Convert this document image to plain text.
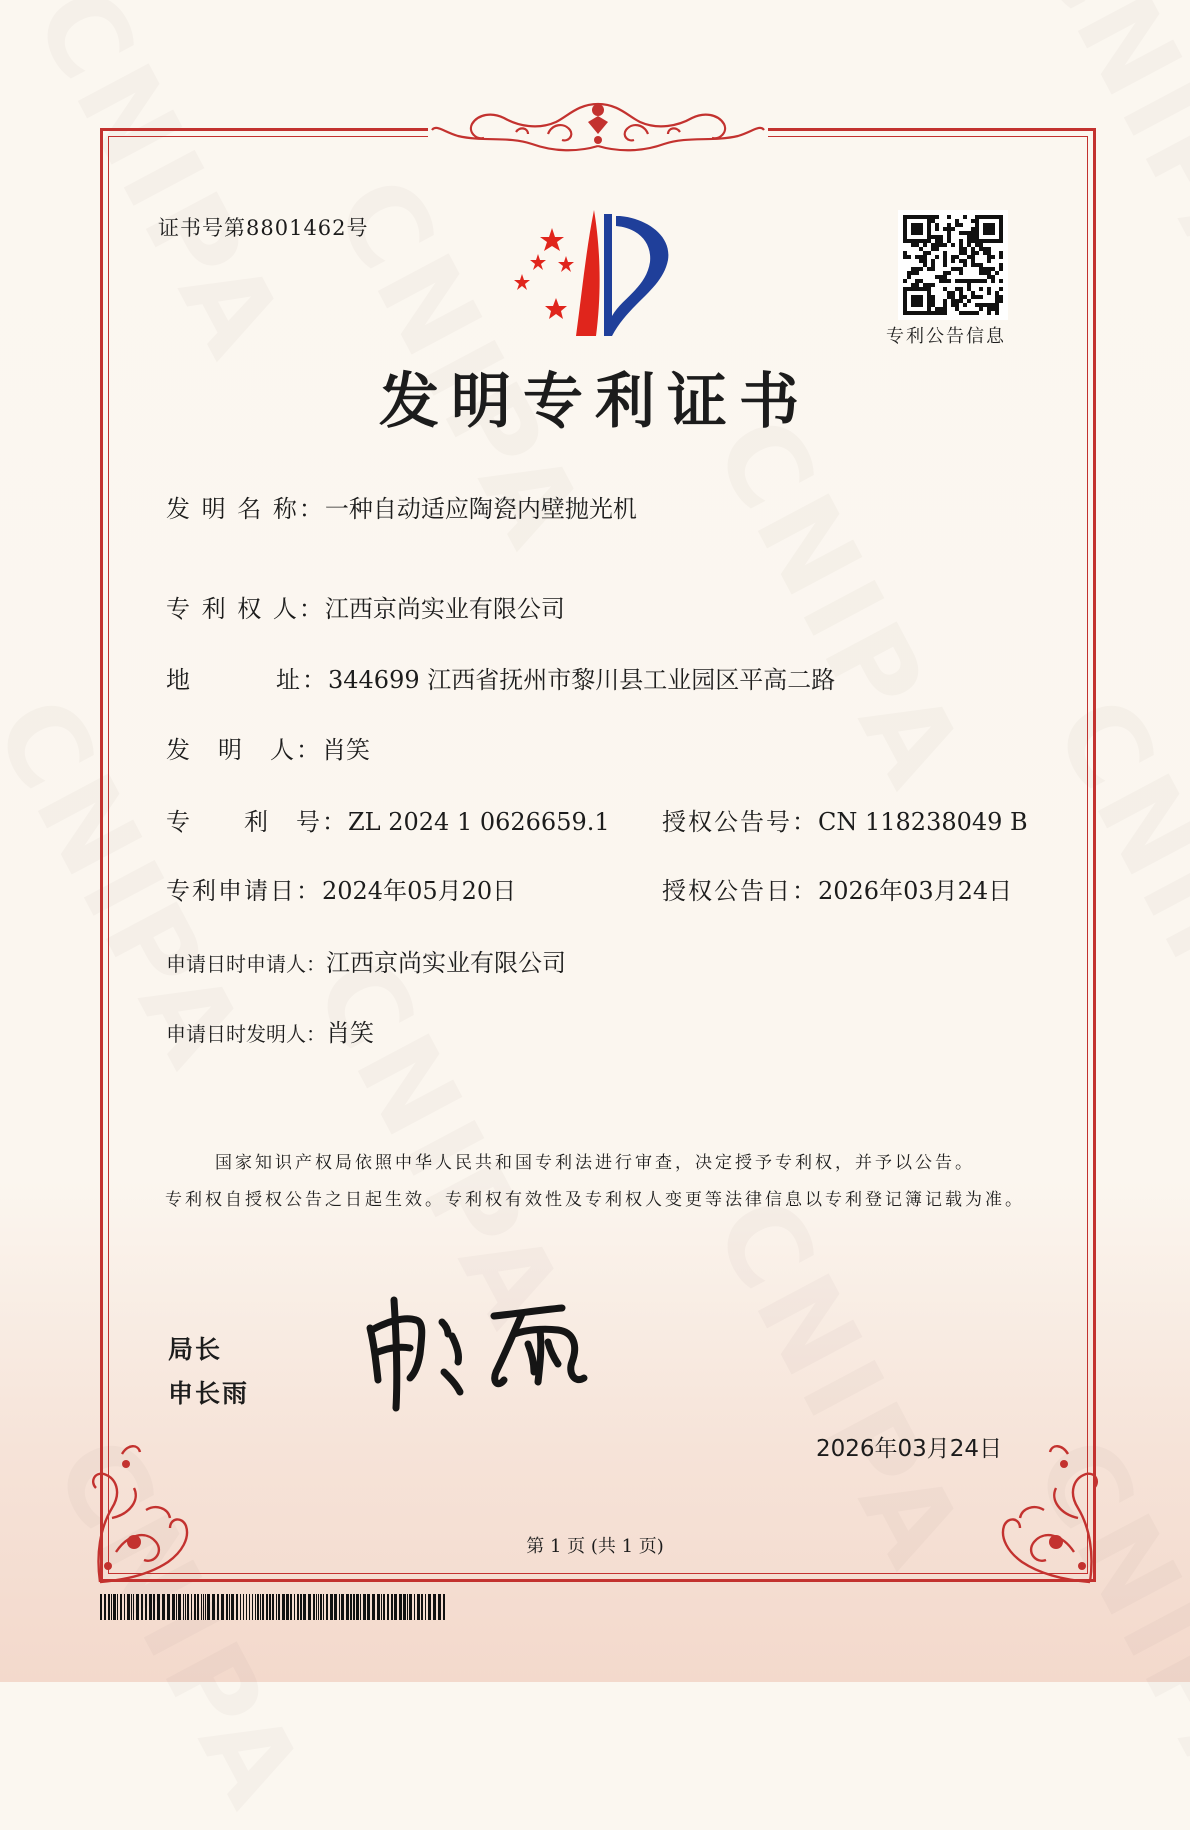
证书号第8801462号
专利公告信息
发明专利证书
发 明 名 称：一种自动适应陶瓷内壁抛光机
专 利 权 人：江西京尚实业有限公司
地	址：344699 江西省抚州市黎川县工业园区平高二路
发　明　人：肖笑
专　　利　号：ZL 2024 1 0626659.1 授权公告号：CN 118238049 B
专利申请日：2024年05月20日	授权公告日：2026年03月24日
申请日时申请人：江西京尚实业有限公司
申请日时发明人：肖笑
国家知识产权局依照中华人民共和国专利法进行审查，决定授予专利权，并予以公告。
专利权自授权公告之日起生效。专利权有效性及专利权人变更等法律信息以专利登记簿记载为准。
局长
申长雨
2026年03月24日
第 1 页 (共 1 页)
